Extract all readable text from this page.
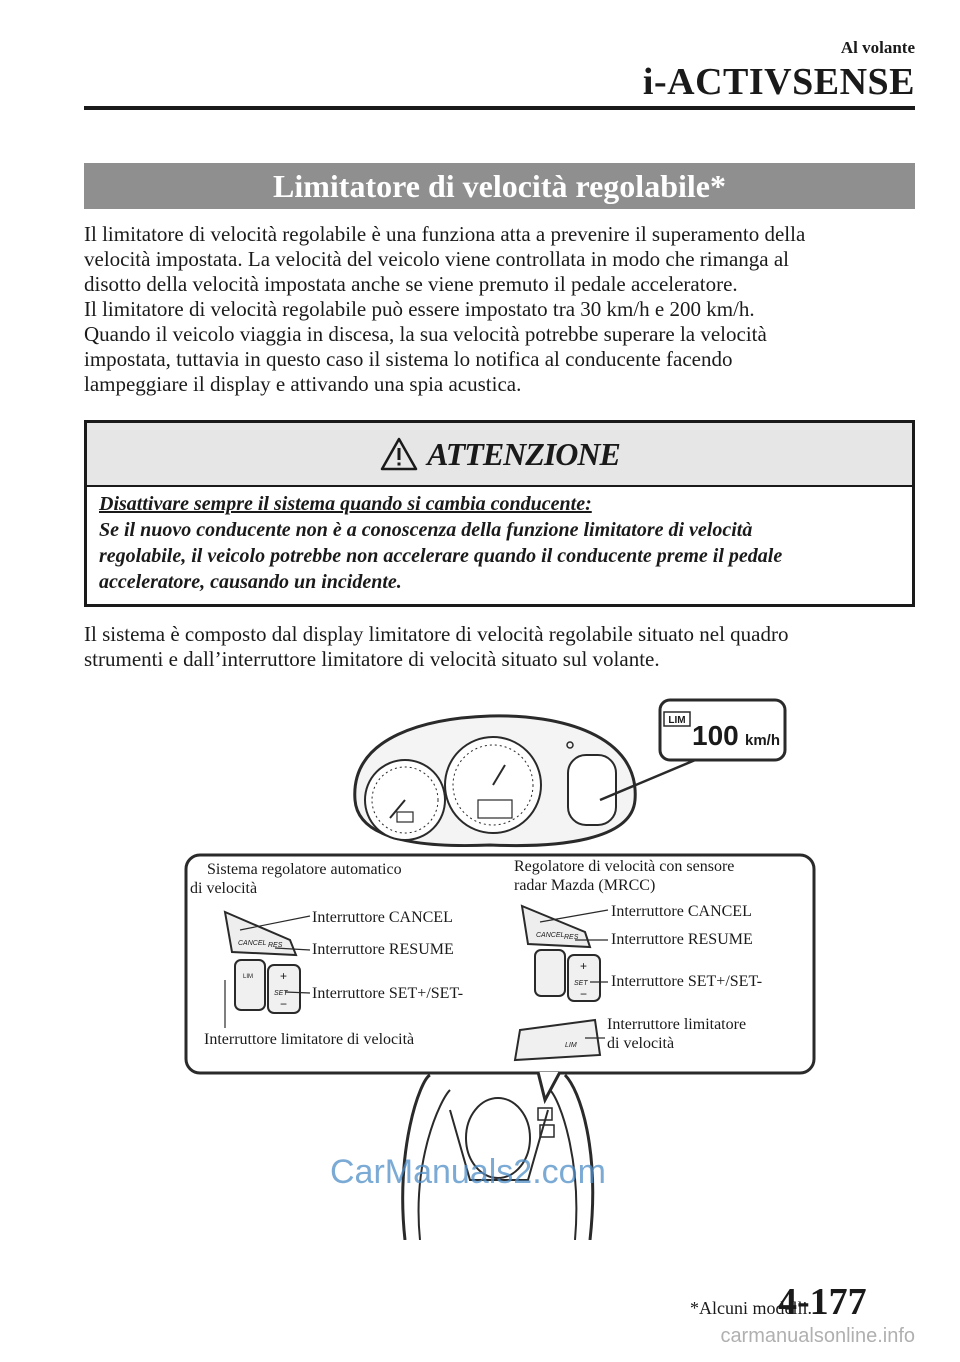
Al volante
i-ACTIVSENSE
Limitatore di velocità regolabile*

Il limitatore di velocità regolabile è una funziona atta a prevenire il superamento della

velocità impostata. La velocità del veicolo viene controllata in modo che rimanga al

disotto della velocità impostata anche se viene premuto il pedale acceleratore.

Il limitatore di velocità regolabile può essere impostato tra 30 km/h e 200 km/h.

Quando il veicolo viaggia in discesa, la sua velocità potrebbe superare la velocità

impostata, tuttavia in questo caso il sistema lo notifica al conducente facendo

lampeggiare il display e attivando una spia acustica.

ATTENZIONE

Disattivare sempre il sistema quando si cambia conducente:

Se il nuovo conducente non è a conoscenza della funzione limitatore di velocità

regolabile, il veicolo potrebbe non accelerare quando il conducente preme il pedale

acceleratore, causando un incidente.

Il sistema è composto dal display limitatore di velocità regolabile situato nel quadro

strumenti e dall’interruttore limitatore di velocità situato sul volante.

LIM 100 km/h
CANCEL RES
LIM +
SET
−
CANCEL RES
+
SET
−
LIM
Sistema regolatore automatico
di velocità
Interruttore CANCEL
Interruttore RESUME
Interruttore SET+/SET-
Interruttore limitatore di velocità
Regolatore di velocità con sensore
radar Mazda (MRCC)
Interruttore CANCEL
Interruttore RESUME
Interruttore SET+/SET-
Interruttore limitatore
di velocità
CarManuals2.com
*Alcuni modelli.
4-177
carmanualsonline.info
